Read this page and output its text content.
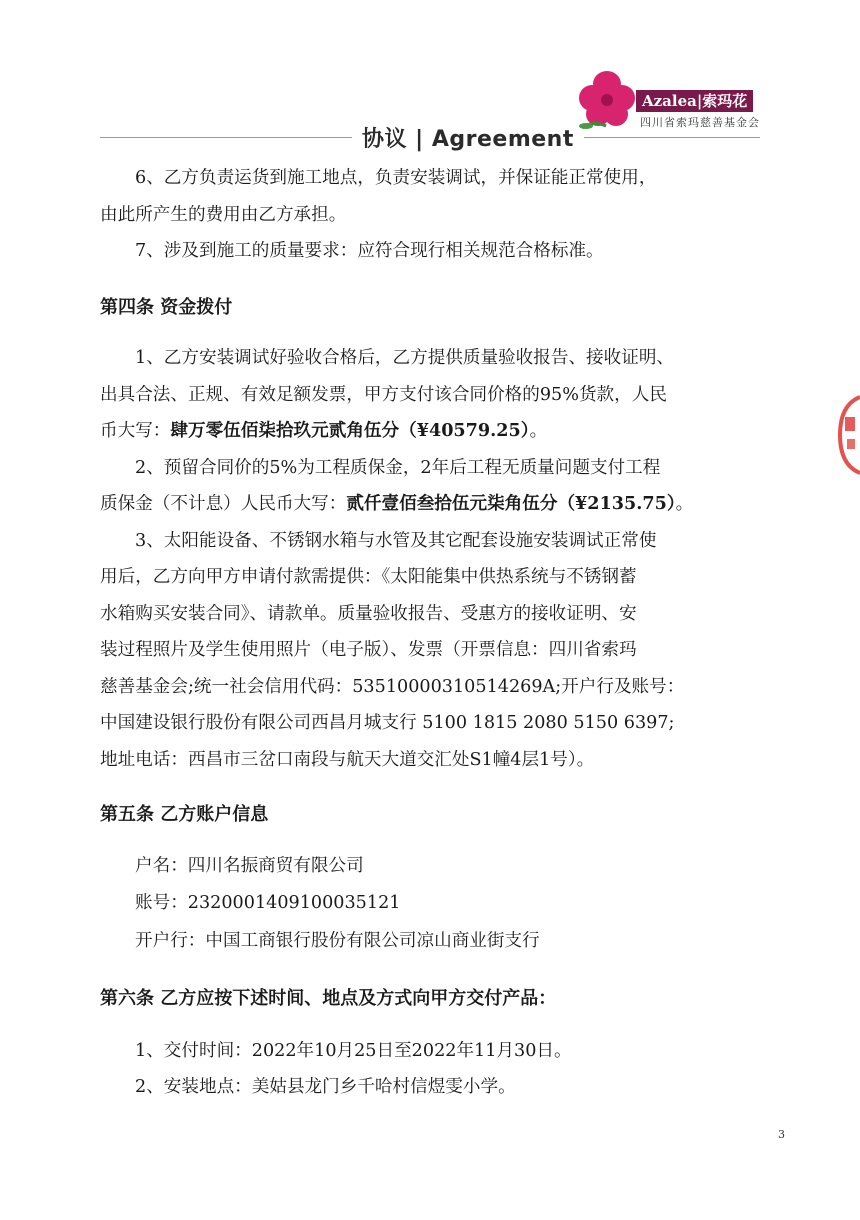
协议 | Agreement
Azalea|索玛花
四川省索玛慈善基金会
6、乙方负责运货到施工地点，负责安装调试，并保证能正常使用，
由此所产生的费用由乙方承担。
7、涉及到施工的质量要求：应符合现行相关规范合格标准。
第四条 资金拨付
1、乙方安装调试好验收合格后，乙方提供质量验收报告、接收证明、
出具合法、正规、有效足额发票，甲方支付该合同价格的95%货款，人民
币大写：肆万零伍佰柒拾玖元贰角伍分（¥40579.25）。
2、预留合同价的5%为工程质保金，2年后工程无质量问题支付工程
质保金（不计息）人民币大写：贰仟壹佰叁拾伍元柒角伍分（¥2135.75）。
3、太阳能设备、不锈钢水箱与水管及其它配套设施安装调试正常使
用后，乙方向甲方申请付款需提供：《太阳能集中供热系统与不锈钢蓄
水箱购买安装合同》、请款单。质量验收报告、受惠方的接收证明、安
装过程照片及学生使用照片（电子版）、发票（开票信息：四川省索玛
慈善基金会;统一社会信用代码：53510000310514269A;开户行及账号：
中国建设银行股份有限公司西昌月城支行 5100 1815 2080 5150 6397;
地址电话：西昌市三岔口南段与航天大道交汇处S1幢4层1号）。
第五条 乙方账户信息
户名：四川名振商贸有限公司
账号：2320001409100035121
开户行：中国工商银行股份有限公司凉山商业街支行
第六条 乙方应按下述时间、地点及方式向甲方交付产品：
1、交付时间：2022年10月25日至2022年11月30日。
2、安装地点：美姑县龙门乡千哈村信煜雯小学。
3
